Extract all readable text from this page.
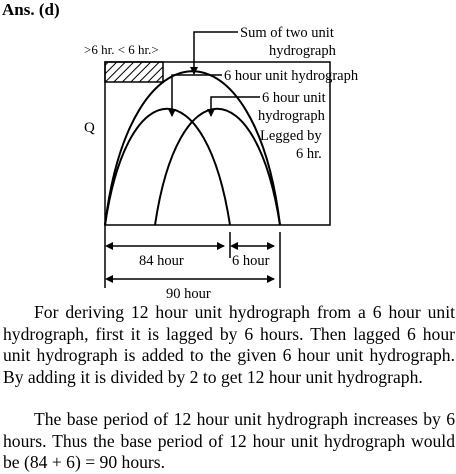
Ans. (d)
>6 hr. < 6 hr.>
Q
Sum of two unit
hydrograph
6 hour unit hydrograph
6 hour unit
hydrograph
Legged by
6 hr.
84 hour	6 hour
90 hour

For deriving 12 hour unit hydrograph from a 6 hour unit hydrograph, first it is lagged by 6 hours. Then lagged 6 hour unit hydrograph is added to the given 6 hour unit hydrograph. By adding it is divided by 2 to get 12 hour unit hydrograph.

The base period of 12 hour unit hydrograph increases by 6 hours. Thus the base period of 12 hour unit hydrograph would be (84 + 6) = 90 hours.
